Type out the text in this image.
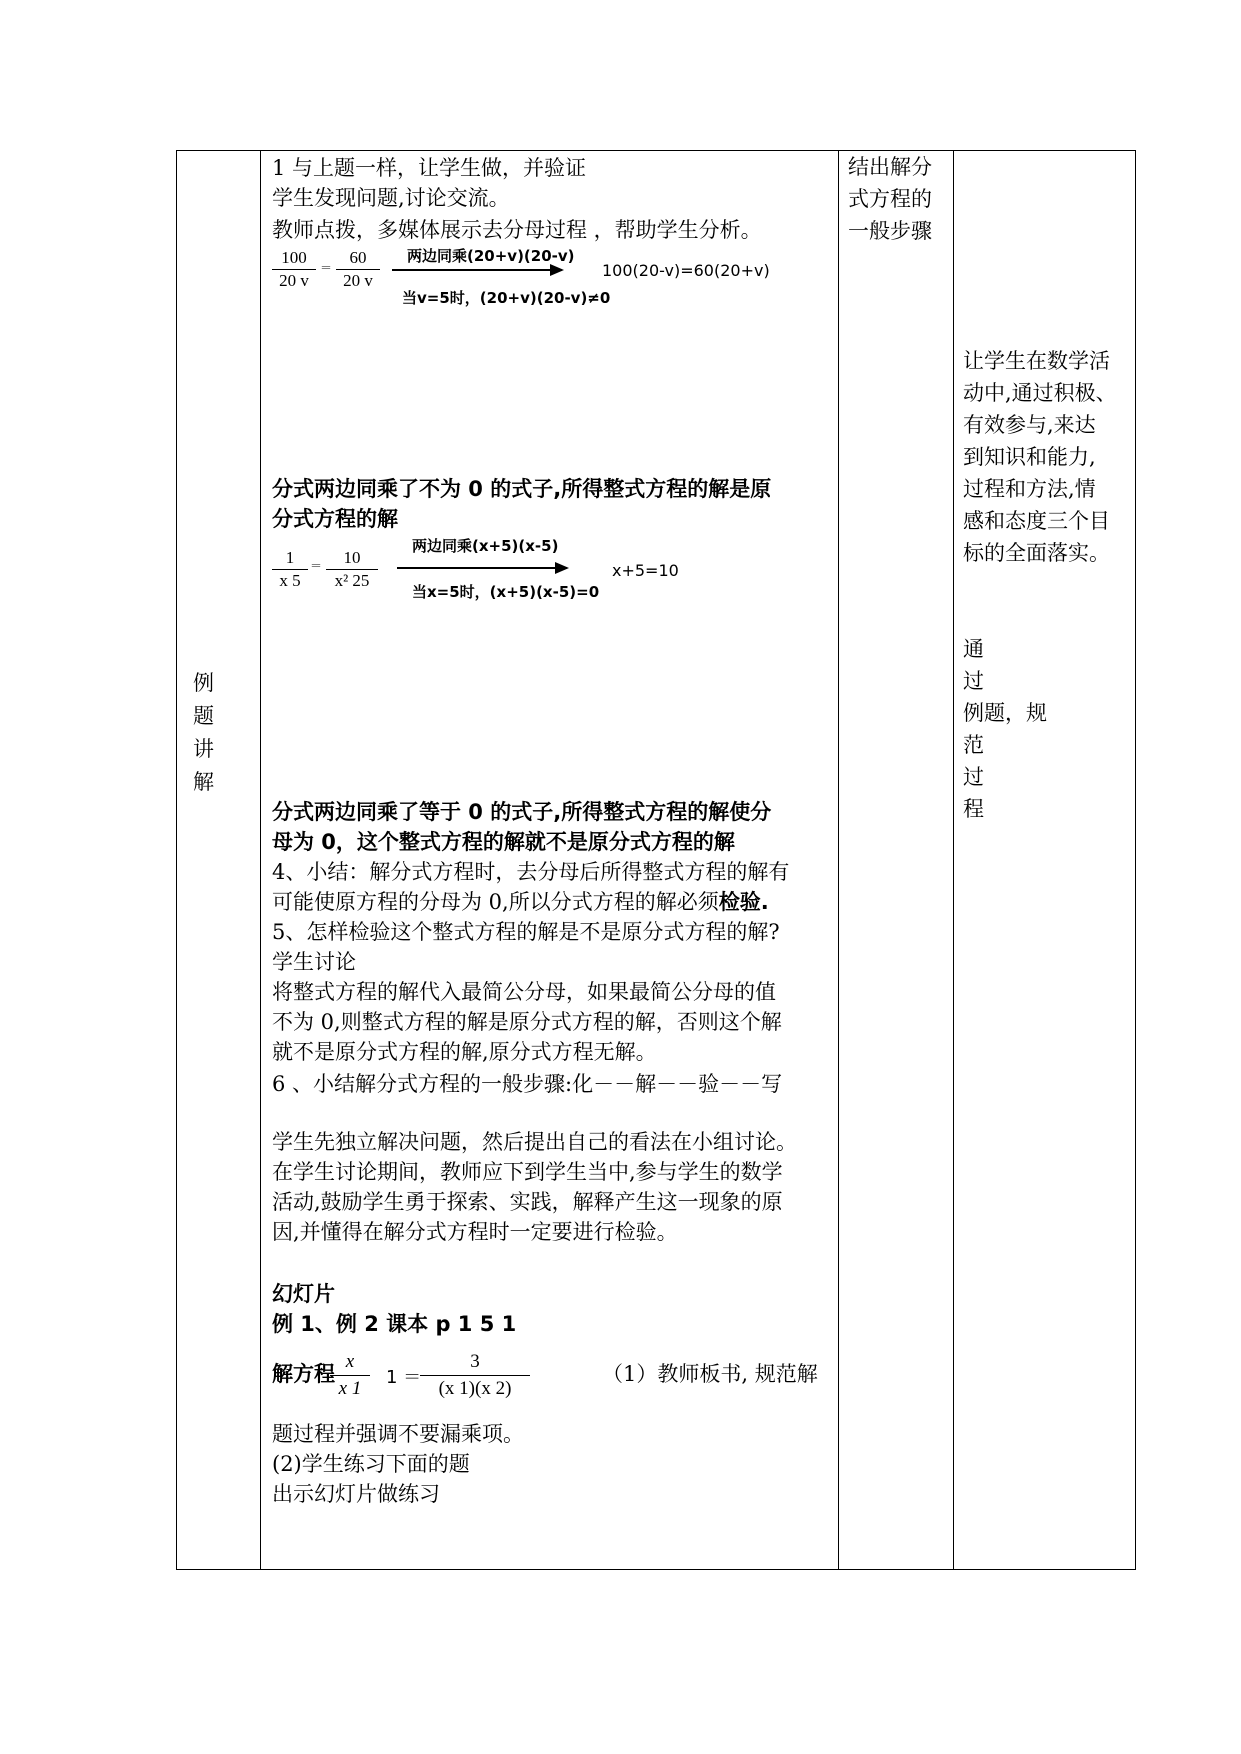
例
题
讲
解
1 与上题一样，让学生做，并验证
学生发现问题,讨论交流。
教师点拨，多媒体展示去分母过程 ，帮助学生分析。
$\frac{100}{20 v} = \frac{60}{20 v}$ 两边同乘(20+v)(20-v)
当v=5时，(20+v)(20-v)≠0
100(20-v)=60(20+v)
分式两边同乘了不为 0 的式子,所得整式方程的解是原
分式方程的解
$\frac{1}{x 5} = \frac{10}{\text{x² 25}}$
两边同乘(x+5)(x-5)
当x=5时，(x+5)(x-5)=0
x+5=10
分式两边同乘了等于 0 的式子,所得整式方程的解使分
母为 0，这个整式方程的解就不是原分式方程的解
4、小结：解分式方程时，去分母后所得整式方程的解有
可能使原方程的分母为 0,所以分式方程的解必须检验.
5、怎样检验这个整式方程的解是不是原分式方程的解?
学生讨论
将整式方程的解代入最简公分母，如果最简公分母的值
不为 0,则整式方程的解是原分式方程的解，否则这个解
就不是原分式方程的解,原分式方程无解。
6 、小结解分式方程的一般步骤:化－－解－－验－－写
学生先独立解决问题，然后提出自己的看法在小组讨论。
在学生讨论期间，教师应下到学生当中,参与学生的数学
活动,鼓励学生勇于探索、实践，解释产生这一现象的原
因,并懂得在解分式方程时一定要进行检验。
幻灯片
例 1、例 2 课本 p 1 5 1
解方程
$\frac{x}{x 1} 1$ ＝
$\frac{3}{(x 1)(x 2)}$	（1）教师板书, 规范解
题过程并强调不要漏乘项。
(2)学生练习下面的题
出示幻灯片做练习
结出解分
式方程的
一般步骤
让学生在数学活
动中,通过积极、
有效参与,来达
到知识和能力,
过程和方法,情
感和态度三个目
标的全面落实。
通
过
例题，规
范
过
程
